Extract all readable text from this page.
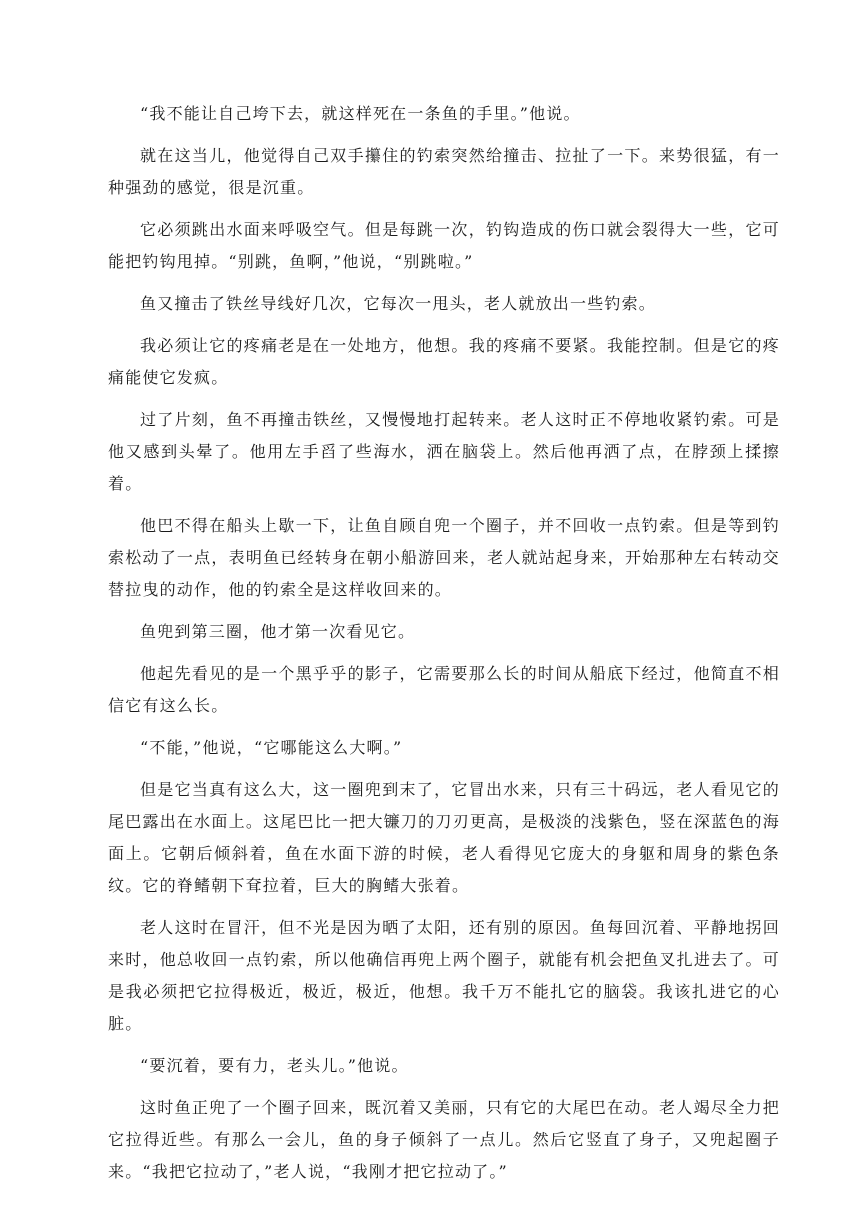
“我不能让自己垮下去，就这样死在一条鱼的手里。”他说。

就在这当儿，他觉得自己双手攥住的钓索突然给撞击、拉扯了一下。来势很猛，有一种强劲的感觉，很是沉重。

它必须跳出水面来呼吸空气。但是每跳一次，钓钩造成的伤口就会裂得大一些，它可能把钓钩甩掉。“别跳，鱼啊，”他说，“别跳啦。”

鱼又撞击了铁丝导线好几次，它每次一甩头，老人就放出一些钓索。

我必须让它的疼痛老是在一处地方，他想。我的疼痛不要紧。我能控制。但是它的疼痛能使它发疯。

过了片刻，鱼不再撞击铁丝，又慢慢地打起转来。老人这时正不停地收紧钓索。可是他又感到头晕了。他用左手舀了些海水，洒在脑袋上。然后他再洒了点，在脖颈上揉擦着。

他巴不得在船头上歇一下，让鱼自顾自兜一个圈子，并不回收一点钓索。但是等到钓索松动了一点，表明鱼已经转身在朝小船游回来，老人就站起身来，开始那种左右转动交替拉曳的动作，他的钓索全是这样收回来的。

鱼兜到第三圈，他才第一次看见它。

他起先看见的是一个黑乎乎的影子，它需要那么长的时间从船底下经过，他简直不相信它有这么长。

“不能，”他说，“它哪能这么大啊。”

但是它当真有这么大，这一圈兜到末了，它冒出水来，只有三十码远，老人看见它的尾巴露出在水面上。这尾巴比一把大镰刀的刀刃更高，是极淡的浅紫色，竖在深蓝色的海面上。它朝后倾斜着，鱼在水面下游的时候，老人看得见它庞大的身躯和周身的紫色条纹。它的脊鳍朝下耷拉着，巨大的胸鳍大张着。

老人这时在冒汗，但不光是因为晒了太阳，还有别的原因。鱼每回沉着、平静地拐回来时，他总收回一点钓索，所以他确信再兜上两个圈子，就能有机会把鱼叉扎进去了。可是我必须把它拉得极近，极近，极近，他想。我千万不能扎它的脑袋。我该扎进它的心脏。

“要沉着，要有力，老头儿。”他说。

这时鱼正兜了一个圈子回来，既沉着又美丽，只有它的大尾巴在动。老人竭尽全力把它拉得近些。有那么一会儿，鱼的身子倾斜了一点儿。然后它竖直了身子，又兜起圈子来。“我把它拉动了，”老人说，“我刚才把它拉动了。”
